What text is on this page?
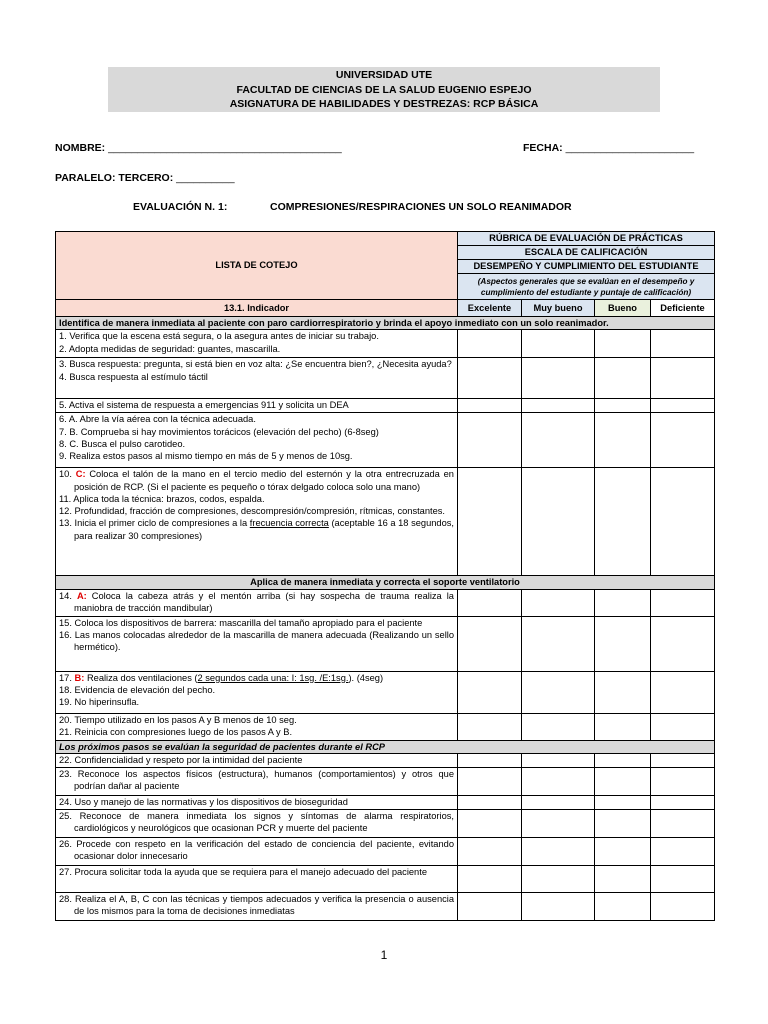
UNIVERSIDAD UTE
FACULTAD DE CIENCIAS DE LA SALUD EUGENIO ESPEJO
ASIGNATURA DE HABILIDADES Y DESTREZAS: RCP BÁSICA
NOMBRE: ________________________________________	FECHA: ______________________
PARALELO: TERCERO: __________
EVALUACIÓN N. 1:	COMPRESIONES/RESPIRACIONES UN SOLO REANIMADOR
LISTA DE COTEJO	RÚBRICA DE EVALUACIÓN DE PRÁCTICAS			
	ESCALA DE CALIFICACIÓN			
	DESEMPEÑO Y CUMPLIMIENTO DEL ESTUDIANTE			
	(Aspectos generales que se evalúan en el desempeño y cumplimiento del estudiante y puntaje de calificación)			
13.1. Indicador	Excelente	Muy bueno	Bueno	Deficiente
Identifica de manera inmediata al paciente con paro cardiorrespiratorio y brinda el apoyo inmediato con un solo reanimador.				

1. Verifica que la escena está segura, o la asegura antes de iniciar su trabajo.
2. Adopta medidas de seguridad: guantes, mascarilla.				

3. Busca respuesta: pregunta, si está bien en voz alta: ¿Se encuentra bien?, ¿Necesita ayuda?
4. Busca respuesta al estímulo táctil				

5. Activa el sistema de respuesta a emergencias 911 y solicita un DEA				

6. A. Abre la vía aérea con la técnica adecuada.
7. B. Comprueba si hay movimientos torácicos (elevación del pecho) (6-8seg)
8. C. Busca el pulso carotideo.
9. Realiza estos pasos al mismo tiempo en más de 5 y menos de 10sg.				

10. C: Coloca el talón de la mano en el tercio medio del esternón y la otra entrecruzada en posición de RCP. (Si el paciente es pequeño o tórax delgado coloca solo una mano)
11. Aplica toda la técnica: brazos, codos, espalda.
12. Profundidad, fracción de compresiones, descompresión/compresión, rítmicas, constantes.
13. Inicia el primer ciclo de compresiones a la frecuencia correcta (aceptable 16 a 18 segundos, para realizar 30 compresiones)				

Aplica de manera inmediata y correcta el soporte ventilatorio				

14. A: Coloca la cabeza atrás y el mentón arriba (si hay sospecha de trauma realiza la maniobra de tracción mandibular)				

15. Coloca los dispositivos de barrera: mascarilla del tamaño apropiado para el paciente
16. Las manos colocadas alrededor de la mascarilla de manera adecuada (Realizando un sello hermético).				

17. B: Realiza dos ventilaciones (2 segundos cada una: I: 1sg. /E:1sg.). (4seg)
18. Evidencia de elevación del pecho.
19. No hiperinsufla.				

20. Tiempo utilizado en los pasos A y B menos de 10 seg.
21. Reinicia con compresiones luego de los pasos A y B.				

Los próximos pasos se evalúan la seguridad de pacientes durante el RCP				

22. Confidencialidad y respeto por la intimidad del paciente				

23. Reconoce los aspectos físicos (estructura), humanos (comportamientos) y otros que podrían dañar al paciente				

24. Uso y manejo de las normativas y los dispositivos de bioseguridad				

25. Reconoce de manera inmediata los signos y síntomas de alarma respiratorios, cardiológicos y neurológicos que ocasionan PCR y muerte del paciente				

26. Procede con respeto en la verificación del estado de conciencia del paciente, evitando ocasionar dolor innecesario				

27. Procura solicitar toda la ayuda que se requiera para el manejo adecuado del paciente				

28. Realiza el A, B, C con las técnicas y tiempos adecuados y verifica la presencia o ausencia de los mismos para la toma de decisiones inmediatas				

1
